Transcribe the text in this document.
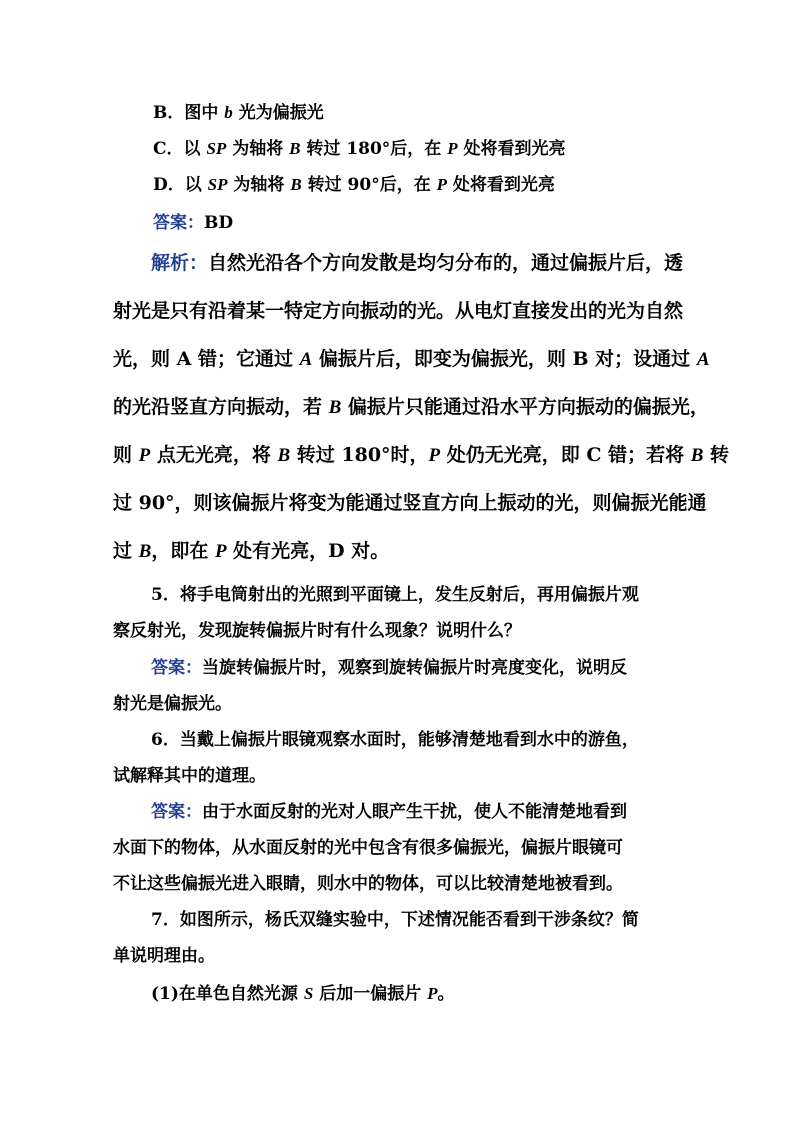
B．图中 b 光为偏振光
C．以 SP 为轴将 B 转过 180°后，在 P 处将看到光亮
D．以 SP 为轴将 B 转过 90°后，在 P 处将看到光亮
答案：BD
解析：自然光沿各个方向发散是均匀分布的，通过偏振片后，透
射光是只有沿着某一特定方向振动的光。从电灯直接发出的光为自然
光，则 A 错；它通过 A 偏振片后，即变为偏振光，则 B 对；设通过 A
的光沿竖直方向振动，若 B 偏振片只能通过沿水平方向振动的偏振光，
则 P 点无光亮，将 B 转过 180°时，P 处仍无光亮，即 C 错；若将 B 转
过 90°，则该偏振片将变为能通过竖直方向上振动的光，则偏振光能通
过 B，即在 P 处有光亮，D 对。
5．将手电筒射出的光照到平面镜上，发生反射后，再用偏振片观
察反射光，发现旋转偏振片时有什么现象？说明什么？
答案：当旋转偏振片时，观察到旋转偏振片时亮度变化，说明反
射光是偏振光。
6．当戴上偏振片眼镜观察水面时，能够清楚地看到水中的游鱼，
试解释其中的道理。
答案：由于水面反射的光对人眼产生干扰，使人不能清楚地看到
水面下的物体，从水面反射的光中包含有很多偏振光，偏振片眼镜可
不让这些偏振光进入眼睛，则水中的物体，可以比较清楚地被看到。
7．如图所示，杨氏双缝实验中，下述情况能否看到干涉条纹？简
单说明理由。
(1)在单色自然光源 S 后加一偏振片 P。
